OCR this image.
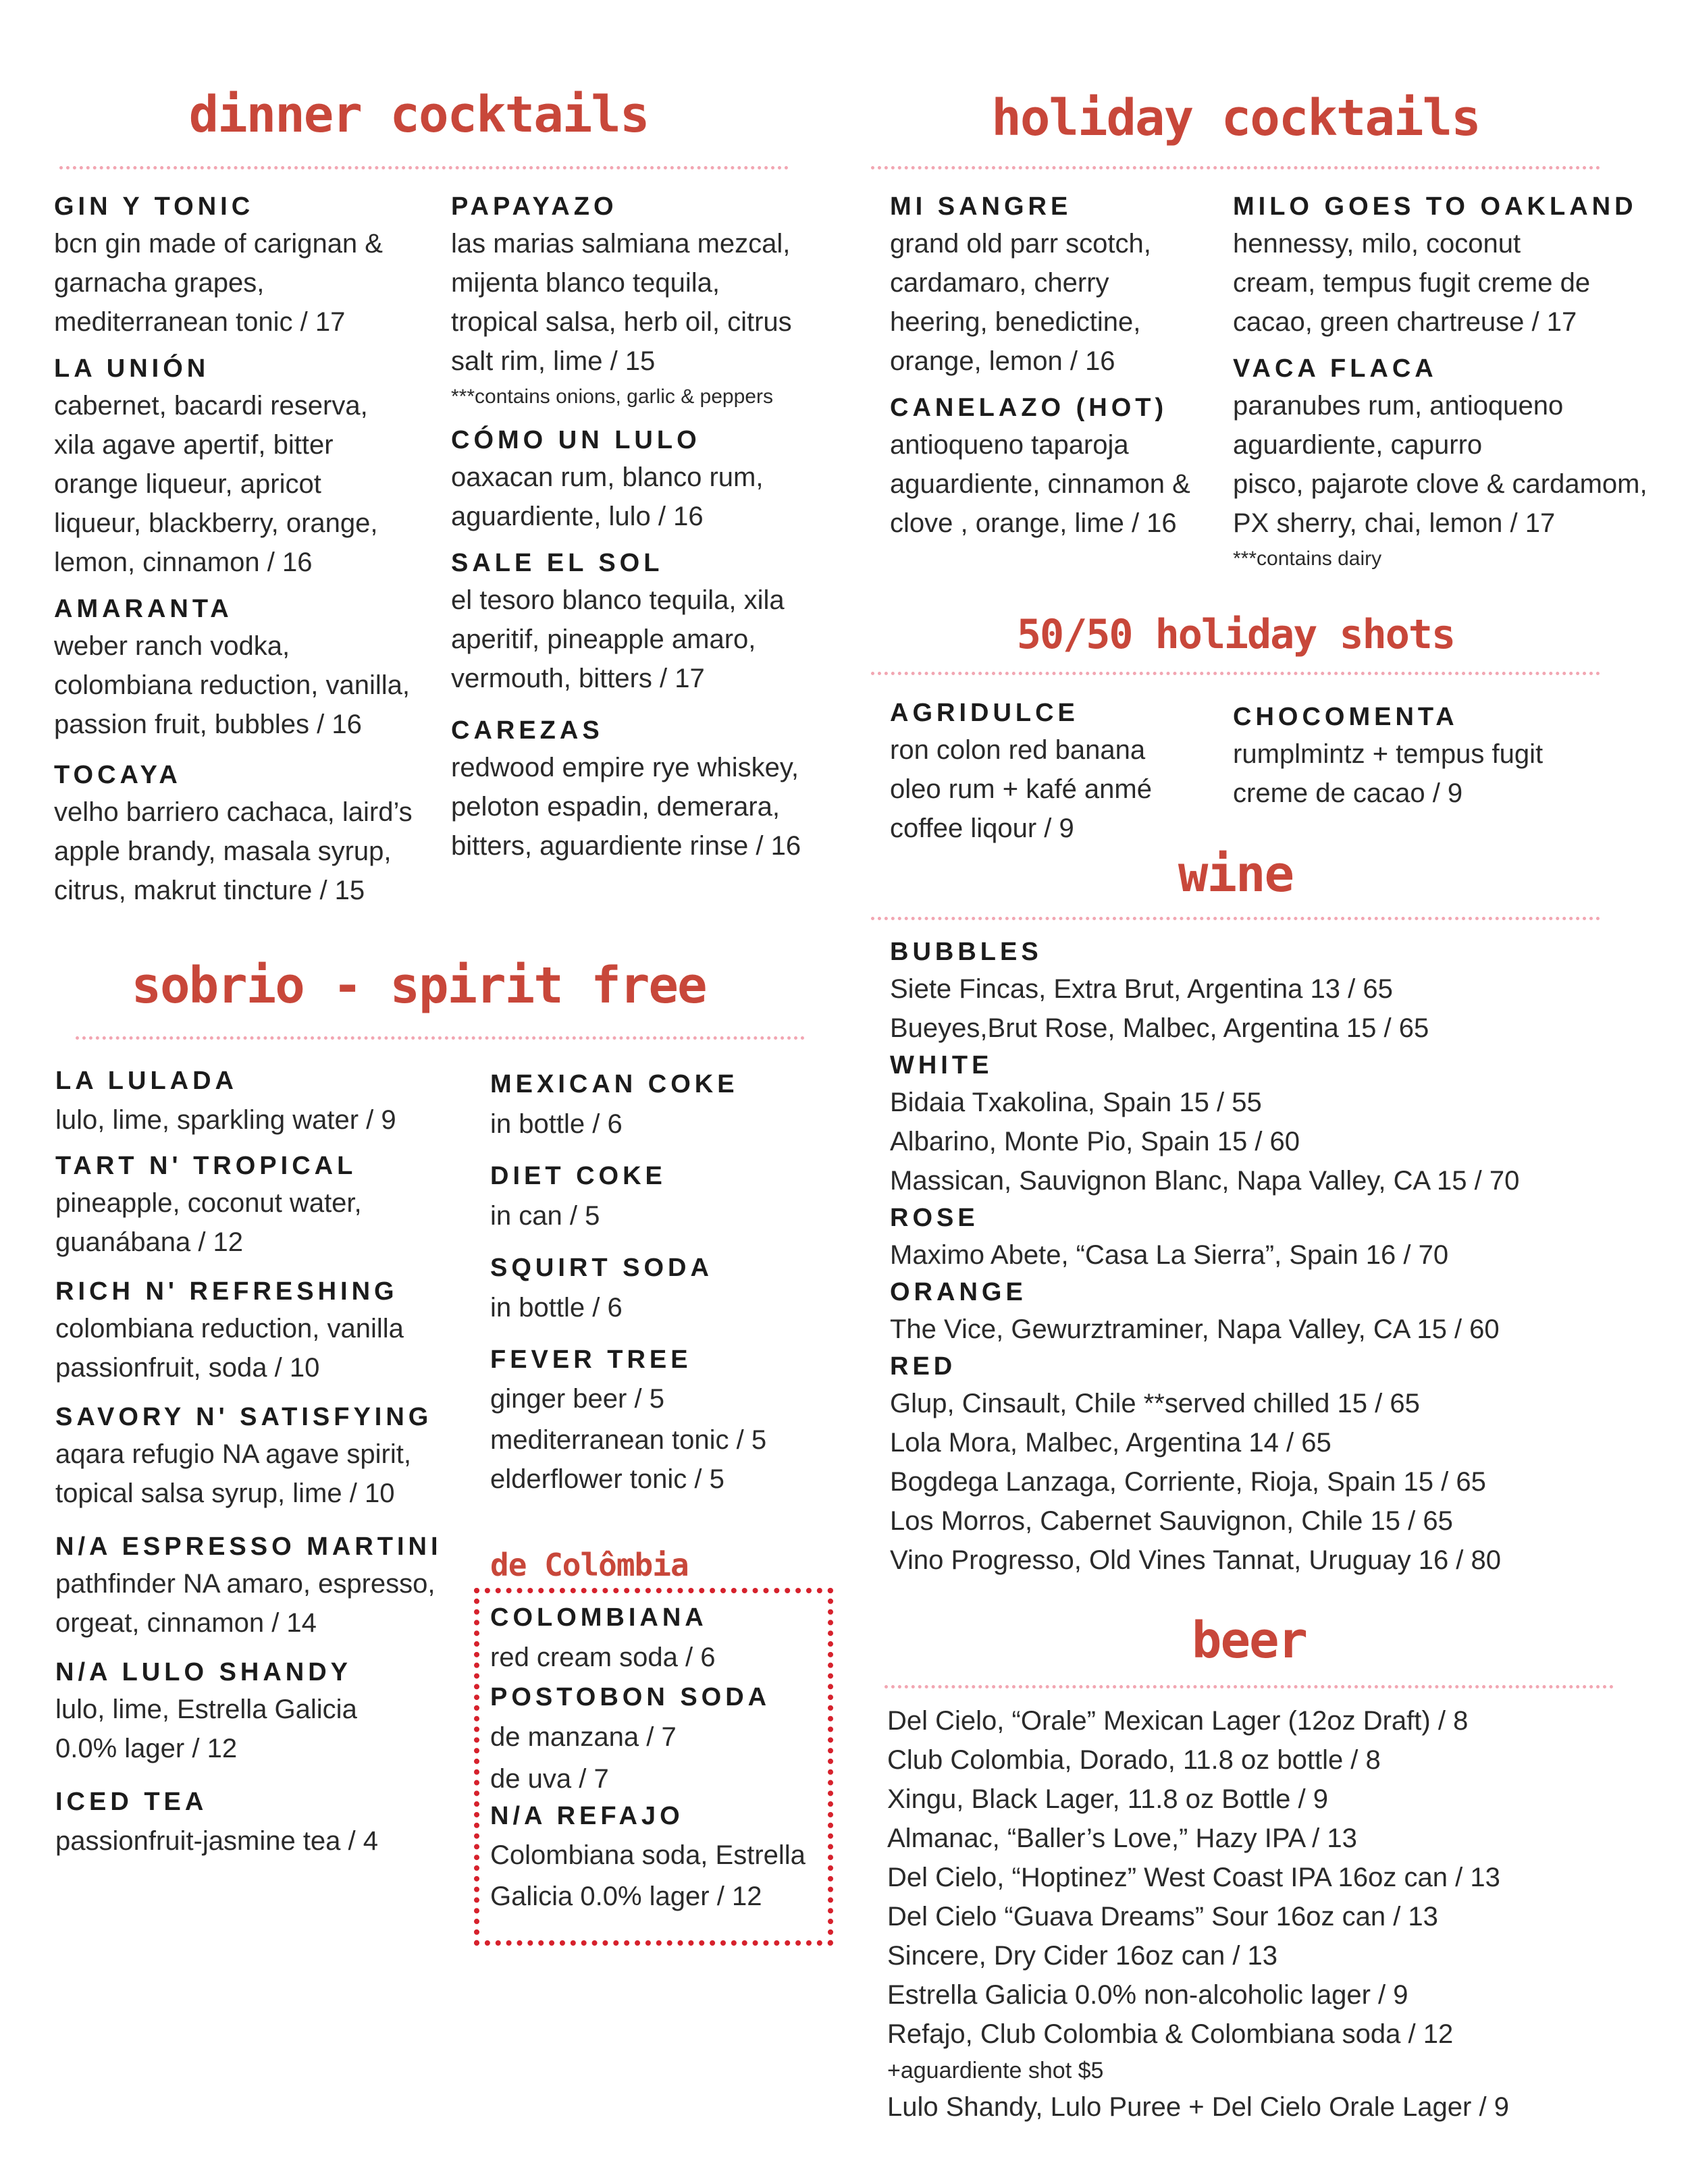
dinner cocktails
GIN Y TONIC
bcn gin made of carignan &
garnacha grapes,
mediterranean tonic / 17
LA UNIÓN
cabernet, bacardi reserva,
xila agave apertif, bitter
orange liqueur, apricot
liqueur, blackberry, orange,
lemon, cinnamon / 16
AMARANTA
weber ranch vodka,
colombiana reduction, vanilla,
passion fruit, bubbles / 16
TOCAYA
velho barriero cachaca, laird’s
apple brandy, masala syrup,
citrus, makrut tincture / 15
PAPAYAZO
las marias salmiana mezcal,
mijenta blanco tequila,
tropical salsa, herb oil, citrus
salt rim, lime / 15
***contains onions, garlic & peppers
CÓMO UN LULO
oaxacan rum, blanco rum,
aguardiente, lulo / 16
SALE EL SOL
el tesoro blanco tequila, xila
aperitif, pineapple amaro,
vermouth, bitters / 17
CAREZAS
redwood empire rye whiskey,
peloton espadin, demerara,
bitters, aguardiente rinse / 16
holiday cocktails
MI SANGRE
grand old parr scotch,
cardamaro, cherry
heering, benedictine,
orange, lemon / 16
CANELAZO (HOT)
antioqueno taparoja
aguardiente, cinnamon &
clove , orange, lime / 16
MILO GOES TO OAKLAND
hennessy, milo, coconut
cream, tempus fugit creme de
cacao, green chartreuse / 17
VACA FLACA
paranubes rum, antioqueno
aguardiente, capurro
pisco, pajarote clove & cardamom,
PX sherry, chai, lemon / 17
***contains dairy
50/50 holiday shots
AGRIDULCE
ron colon red banana
oleo rum + kafé anmé
coffee liqour / 9
CHOCOMENTA
rumplmintz + tempus fugit
creme de cacao / 9
wine
BUBBLES
Siete Fincas, Extra Brut, Argentina 13 / 65
Bueyes,Brut Rose, Malbec, Argentina 15 / 65
WHITE
Bidaia Txakolina, Spain 15 / 55
Albarino, Monte Pio, Spain 15 / 60
Massican, Sauvignon Blanc, Napa Valley, CA 15 / 70
ROSE
Maximo Abete, “Casa La Sierra”, Spain 16 / 70
ORANGE
The Vice, Gewurztraminer, Napa Valley, CA 15 / 60
RED
Glup, Cinsault, Chile **served chilled 15 / 65
Lola Mora, Malbec, Argentina 14 / 65
Bogdega Lanzaga, Corriente, Rioja, Spain 15 / 65
Los Morros, Cabernet Sauvignon, Chile 15 / 65
Vino Progresso, Old Vines Tannat, Uruguay 16 / 80
beer
Del Cielo, “Orale” Mexican Lager (12oz Draft) / 8
Club Colombia, Dorado, 11.8 oz bottle / 8
Xingu, Black Lager, 11.8 oz Bottle / 9
Almanac, “Baller’s Love,” Hazy IPA / 13
Del Cielo, “Hoptinez” West Coast IPA 16oz can / 13
Del Cielo “Guava Dreams” Sour 16oz can / 13
Sincere, Dry Cider 16oz can / 13
Estrella Galicia 0.0% non-alcoholic lager / 9
Refajo, Club Colombia & Colombiana soda / 12
+aguardiente shot $5
Lulo Shandy, Lulo Puree + Del Cielo Orale Lager / 9
sobrio - spirit free
LA LULADA
lulo, lime, sparkling water / 9
TART N' TROPICAL
pineapple, coconut water,
guanábana / 12
RICH N' REFRESHING
colombiana reduction, vanilla
passionfruit, soda / 10
SAVORY N' SATISFYING
aqara refugio NA agave spirit,
topical salsa syrup, lime / 10
N/A ESPRESSO MARTINI
pathfinder NA amaro, espresso,
orgeat, cinnamon / 14
N/A LULO SHANDY
lulo, lime, Estrella Galicia
0.0% lager / 12
ICED TEA
passionfruit-jasmine tea / 4
MEXICAN COKE
in bottle / 6
DIET COKE
in can / 5
SQUIRT SODA
in bottle / 6
FEVER TREE
ginger beer / 5
mediterranean tonic / 5
elderflower tonic / 5
de Colômbia
COLOMBIANA
red cream soda / 6
POSTOBON SODA
de manzana / 7
de uva / 7
N/A REFAJO
Colombiana soda, Estrella
Galicia 0.0% lager / 12
